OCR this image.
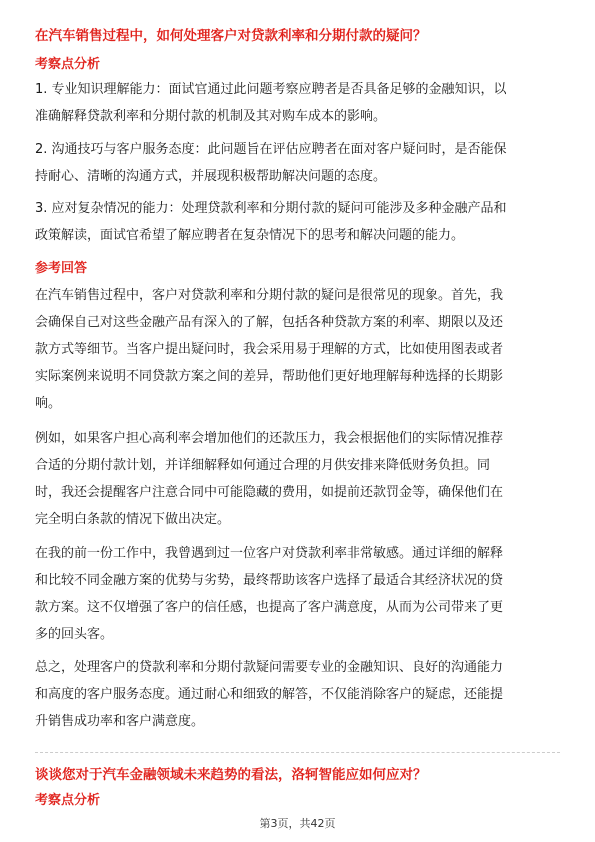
在汽车销售过程中，如何处理客户对贷款利率和分期付款的疑问？
考察点分析
1. 专业知识理解能力：面试官通过此问题考察应聘者是否具备足够的金融知识，以
准确解释贷款利率和分期付款的机制及其对购车成本的影响。
2. 沟通技巧与客户服务态度：此问题旨在评估应聘者在面对客户疑问时，是否能保
持耐心、清晰的沟通方式，并展现积极帮助解决问题的态度。
3. 应对复杂情况的能力：处理贷款利率和分期付款的疑问可能涉及多种金融产品和
政策解读，面试官希望了解应聘者在复杂情况下的思考和解决问题的能力。
参考回答
在汽车销售过程中，客户对贷款利率和分期付款的疑问是很常见的现象。首先，我
会确保自己对这些金融产品有深入的了解，包括各种贷款方案的利率、期限以及还
款方式等细节。当客户提出疑问时，我会采用易于理解的方式，比如使用图表或者
实际案例来说明不同贷款方案之间的差异，帮助他们更好地理解每种选择的长期影
响。
例如，如果客户担心高利率会增加他们的还款压力，我会根据他们的实际情况推荐
合适的分期付款计划，并详细解释如何通过合理的月供安排来降低财务负担。同
时，我还会提醒客户注意合同中可能隐藏的费用，如提前还款罚金等，确保他们在
完全明白条款的情况下做出决定。
在我的前一份工作中，我曾遇到过一位客户对贷款利率非常敏感。通过详细的解释
和比较不同金融方案的优势与劣势，最终帮助该客户选择了最适合其经济状况的贷
款方案。这不仅增强了客户的信任感，也提高了客户满意度，从而为公司带来了更
多的回头客。
总之，处理客户的贷款利率和分期付款疑问需要专业的金融知识、良好的沟通能力
和高度的客户服务态度。通过耐心和细致的解答，不仅能消除客户的疑虑，还能提
升销售成功率和客户满意度。
谈谈您对于汽车金融领域未来趋势的看法，洛轲智能应如何应对？
考察点分析
第3页，共42页
